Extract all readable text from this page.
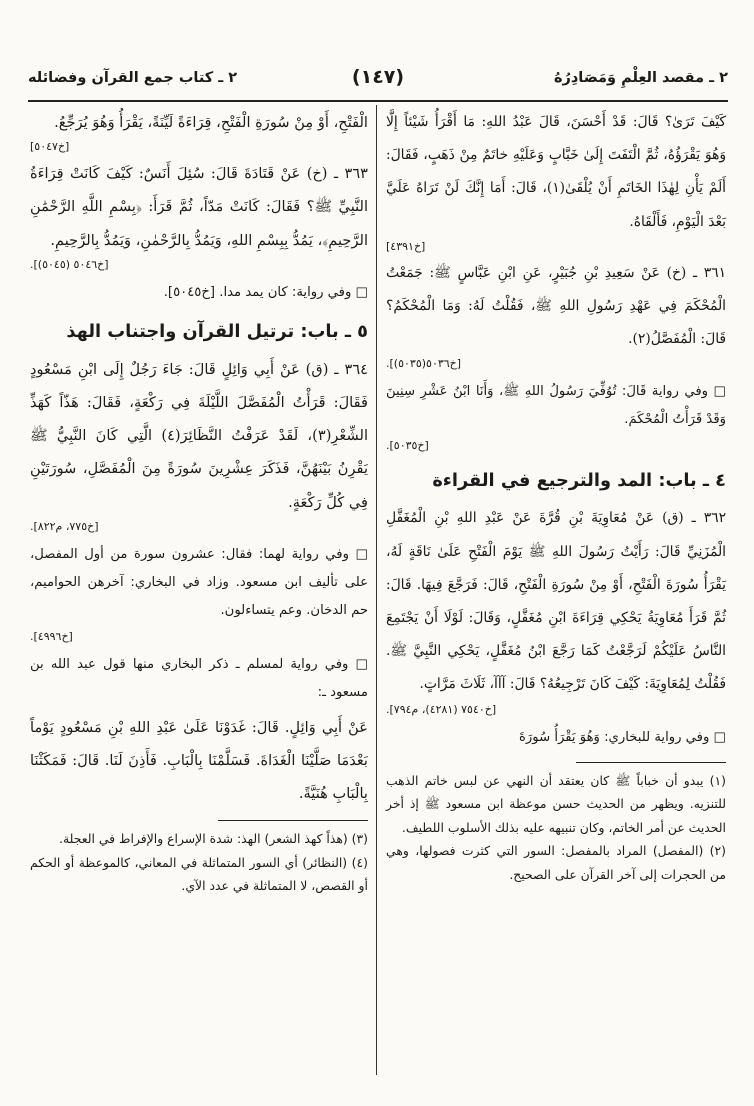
٢ ـ مقصد العِلْمِ وَمَصَادِرُهُ
(١٤٧)
٢ ـ كتاب جمع القرآن وفضائله

كَيْفَ تَرَىٰ؟ قَالَ: قَدْ أَحْسَنَ، قَالَ عَبْدُ اللهِ: مَا أَقْرَأُ شَيْئاً إِلَّا وَهُوَ يَقْرَؤُهُ، ثُمَّ الْتَفَتَ إِلَىٰ خَبَّابٍ وَعَلَيْهِ خاتَمٌ مِنْ ذَهَبٍ، فَقَالَ: أَلَمْ يَأْنِ لِهٰذَا الخَاتَمِ أَنْ يُلْقَىٰ(١)، قَالَ: أَمَا إِنَّكَ لَنْ تَرَاهُ عَلَيَّ بَعْدَ الْيَوْمِ، فَأَلْقَاهُ.

[خ٤٣٩١]

٣٦١ ـ (خ) عَنْ سَعِيدِ بْنِ جُبَيْرٍ، عَنِ ابْنِ عَبَّاسٍ ﷺ: جَمَعْتُ الْمُحْكَمَ فِي عَهْدِ رَسُولِ اللهِ ﷺ، فَقُلْتُ لَهُ: وَمَا الْمُحْكَمُ؟ قَالَ: الْمُفَصَّلُ(٢).

[خ٥٠٣٦(٥٠٣٥)].

□ وفي رواية قَالَ: تُوُفِّيَ رَسُولُ اللهِ ﷺ، وَأَنَا ابْنُ عَشْرِ سِنِينَ وَقَدْ قَرَأْتُ الْمُحْكَمَ.

[خ٥٠٣٥].
٤ ـ باب: المد والترجيع في القراءة

٣٦٢ ـ (ق) عَنْ مُعَاوِيَةَ بْنِ قُرَّةَ عَنْ عَبْدِ اللهِ بْنِ الْمُغَفَّلِ الْمُزَنِيِّ قَالَ: رَأَيْتُ رَسُولَ اللهِ ﷺ يَوْمَ الْفَتْحِ عَلَىٰ نَاقَةٍ لَهُ، يَقْرَأُ سُورَةَ الْفَتْحِ، أَوْ مِنْ سُورَةِ الْفَتْحِ، قَالَ: فَرَجَّعَ فِيهَا. قَالَ: ثُمَّ قَرَأَ مُعَاوِيَةُ يَحْكِي قِرَاءَةَ ابْنِ مُغَفَّلٍ، وَقَالَ: لَوْلَا أَنْ يَجْتَمِعَ النَّاسُ عَلَيْكُمْ لَرَجَّعْتُ كَمَا رَجَّعَ ابْنُ مُغَفَّلٍ، يَحْكِي النَّبِيَّ ﷺ. فَقُلْتُ لِمُعَاوِيَةَ: كَيْفَ كَانَ تَرْجِيعُهُ؟ قَالَ: آآآ، ثَلَاثَ مَرَّاتٍ.

[خ٧٥٤٠ (٤٢٨١)، م٧٩٤].

□ وفي رواية للبخاري: وَهُوَ يَقْرَأُ سُورَةَ

(١) يبدو أن خباباً ﷺ كان يعتقد أن النهي عن لبس خاتم الذهب للتنزيه. ويظهر من الحديث حسن موعظة ابن مسعود ﷺ إذ أخر الحديث عن أمر الخاتم، وكان تنبيهه عليه بذلك الأسلوب اللطيف.

(٢) (المفصل) المراد بالمفصل: السور التي كثرت فصولها، وهي من الحجرات إلى آخر القرآن على الصحيح.

الْفَتْحِ، أَوْ مِنْ سُورَةِ الْفَتْحِ، قِرَاءَةً لَيِّنَةً، يَقْرَأُ وَهُوَ يُرَجِّعُ.

[خ٥٠٤٧]

٣٦٣ ـ (خ) عَنْ قَتَادَةَ قَالَ: سُئِلَ أَنَسٌ: كَيْفَ كَانَتْ قِرَاءَةُ النَّبِيِّ ﷺ؟ فَقَالَ: كَانَتْ مَدّاً، ثُمَّ قَرَأَ: ﴿بِسْمِ اللَّهِ الرَّحْمَٰنِ الرَّحِيمِ﴾، يَمُدُّ بِبِسْمِ اللهِ، وَيَمُدُّ بِالرَّحْمٰنِ، وَيَمُدُّ بِالرَّحِيمِ.

[خ٥٠٤٦ (٥٠٤٥)].

□ وفي رواية: كان يمد مدا. [خ٥٠٤٥].

٥ ـ باب: ترتيل القرآن واجتناب الهذ

٣٦٤ ـ (ق) عَنْ أَبِي وَائِلٍ قَالَ: جَاءَ رَجُلٌ إِلَى ابْنِ مَسْعُودٍ فَقَالَ: قَرَأْتُ الْمُفَصَّلَ اللَّيْلَةَ فِي رَكْعَةٍ، فَقَالَ: هَذّاً كَهَذِّ الشِّعْرِ(٣)، لَقَدْ عَرَفْتُ النَّظَائِرَ(٤) الَّتِي كَانَ النَّبِيُّ ﷺ يَقْرِنُ بَيْنَهُنَّ، فَذَكَرَ عِشْرِينَ سُورَةً مِنَ الْمُفَصَّلِ، سُورَتَيْنِ فِي كُلِّ رَكْعَةٍ.

[خ٧٧٥، م٨٢٢].

□ وفي رواية لهما: فقال: عشرون سورة من أول المفصل، على تأليف ابن مسعود. وزاد في البخاري: آخرهن الحواميم، حم الدخان. وعم يتساءلون.

[خ٤٩٩٦].

□ وفي رواية لمسلم ـ ذكر البخاري منها قول عبد الله بن مسعود ـ:

عَنْ أَبِي وَائِلٍ. قَالَ: غَدَوْنَا عَلَىٰ عَبْدِ اللهِ بْنِ مَسْعُودٍ يَوْماً بَعْدَمَا صَلَّيْنَا الْغَدَاةَ. فَسَلَّمْنَا بِالْبَابِ. فَأَذِنَ لَنَا. قَالَ: فَمَكَثْنَا بِالْبَابِ هُنَيَّةً.

(٣) (هذاً كهذ الشعر) الهذ: شدة الإسراع والإفراط في العجلة.

(٤) (النظائر) أي السور المتماثلة في المعاني، كالموعظة أو الحكم أو القصص، لا المتماثلة في عدد الآي.
